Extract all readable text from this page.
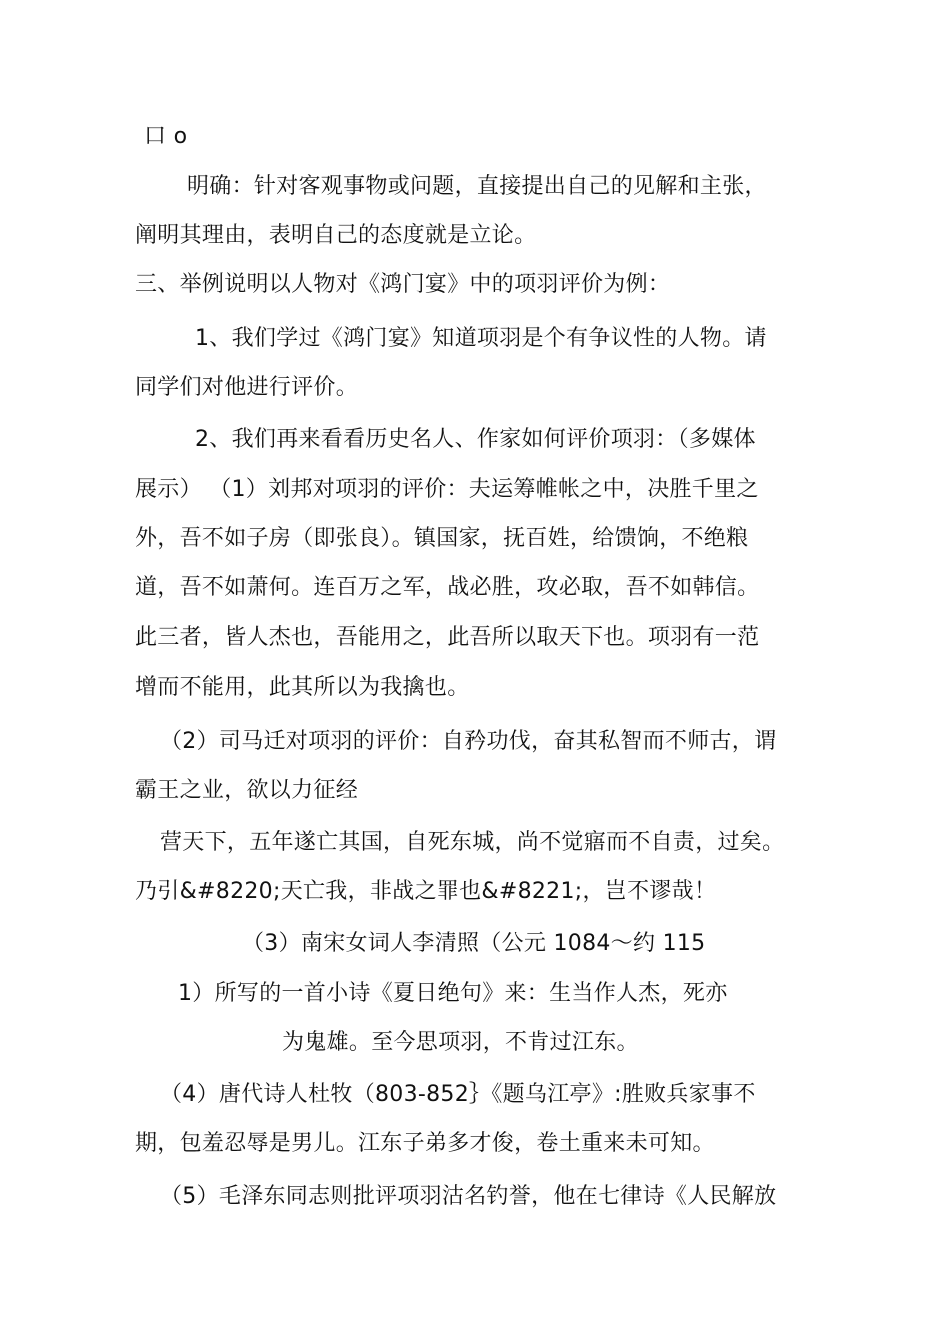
口 o
明确：针对客观事物或问题，直接提出自己的见解和主张，
阐明其理由，表明自己的态度就是立论。
三、举例说明以人物对《鸿门宴》中的项羽评价为例：
1、我们学过《鸿门宴》知道项羽是个有争议性的人物。请
同学们对他进行评价。
2、我们再来看看历史名人、作家如何评价项羽：（多媒体
展示） （1）刘邦对项羽的评价：夫运筹帷帐之中，决胜千里之
外，吾不如子房（即张良）。镇国家，抚百姓，给馈饷，不绝粮
道，吾不如萧何。连百万之军，战必胜，攻必取，吾不如韩信。
此三者，皆人杰也，吾能用之，此吾所以取天下也。项羽有一范
增而不能用，此其所以为我擒也。
（2）司马迁对项羽的评价：自矜功伐，奋其私智而不师古，谓
霸王之业，欲以力征经
营天下，五年遂亡其国，自死东城，尚不觉寤而不自责，过矣。
乃引&#8220;天亡我，非战之罪也&#8221;，岂不谬哉！
（3）南宋女词人李清照（公元 1084～约 115
1）所写的一首小诗《夏日绝句》来：生当作人杰，死亦
为鬼雄。至今思项羽，不肯过江东。
（4）唐代诗人杜牧（803-852｝《题乌江亭》:胜败兵家事不
期，包羞忍辱是男儿。江东子弟多才俊，卷土重来未可知。
（5）毛泽东同志则批评项羽沽名钓誉，他在七律诗《人民解放
